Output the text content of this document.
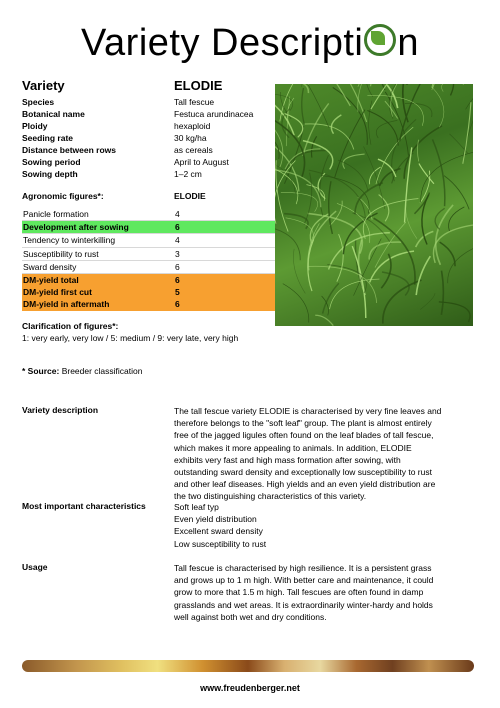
Variety Descripti n
Variety	ELODIE
Species	Tall fescue
Botanical name	Festuca arundinacea
Ploidy	hexaploid
Seeding rate	30 kg/ha
Distance between rows	as cereals
Sowing period	April to August
Sowing depth	1–2 cm
Agronomic figures*:	ELODIE
Panicle formation	4
Development after sowing	6
Tendency to winterkilling	4
Susceptibility to rust	3
Sward density	6
DM-yield total	6
DM-yield first cut	5
DM-yield in aftermath	6
Clarification of figures*:
1: very early, very low / 5: medium / 9: very late, very high
* Source: Breeder classification
Variety description	The tall fescue variety ELODIE is characterised by very fine leaves and
therefore belongs to the "soft leaf" group. The plant is almost entirely
free of the jagged ligules often found on the leaf blades of tall fescue,
which makes it more appealing to animals. In addition, ELODIE
exhibits very fast and high mass formation after sowing, with
outstanding sward density and exceptionally low susceptibility to rust
and other leaf diseases. High yields and an even yield distribution are
the two distinguishing characteristics of this variety.
Most important characteristics	Soft leaf typ
Even yield distribution
Excellent sward density
Low susceptibility to rust
Usage	Tall fescue is characterised by high resilience. It is a persistent grass
and grows up to 1 m high. With better care and maintenance, it could
grow to more that 1.5 m high. Tall fescues are often found in damp
grasslands and wet areas. It is extraordinarily winter-hardy and holds
well against both wet and dry conditions.
www.freudenberger.net
